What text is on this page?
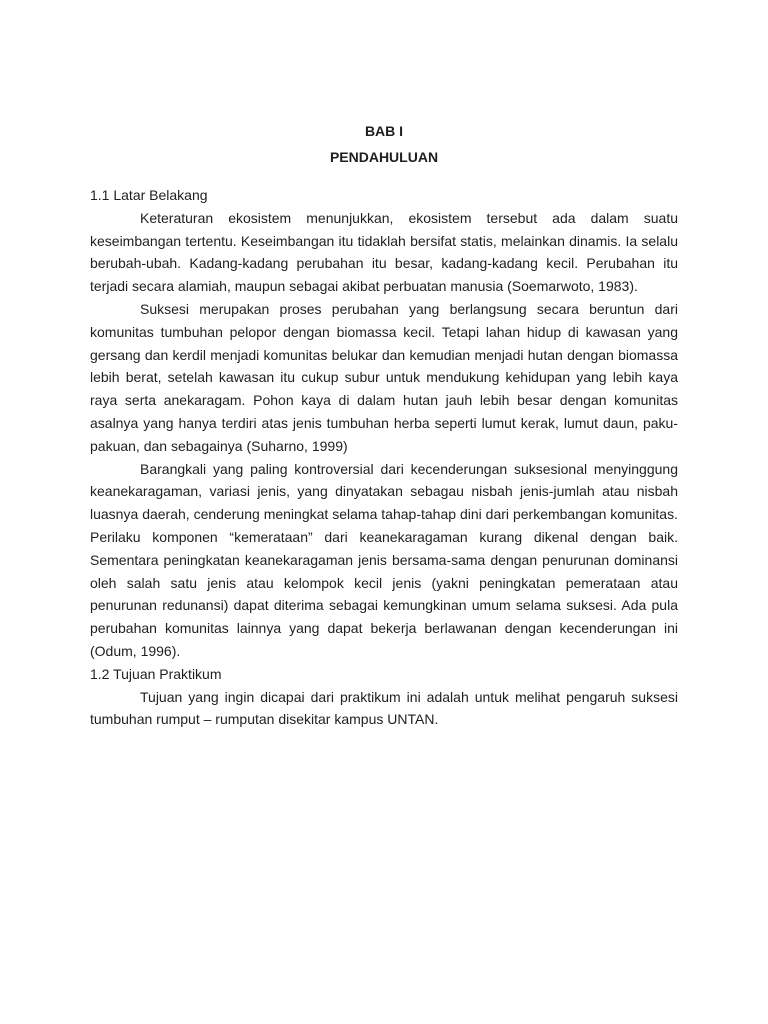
BAB I
PENDAHULUAN
1.1 Latar Belakang

Keteraturan ekosistem menunjukkan, ekosistem tersebut ada dalam suatu keseimbangan tertentu. Keseimbangan itu tidaklah bersifat statis, melainkan dinamis. Ia selalu berubah-ubah. Kadang-kadang perubahan itu besar, kadang-kadang kecil. Perubahan itu terjadi secara alamiah, maupun sebagai akibat perbuatan manusia (Soemarwoto, 1983).

Suksesi merupakan proses perubahan yang berlangsung secara beruntun dari komunitas tumbuhan pelopor dengan biomassa kecil. Tetapi lahan hidup di kawasan yang gersang dan kerdil menjadi komunitas belukar dan kemudian menjadi hutan dengan biomassa lebih berat, setelah kawasan itu cukup subur untuk mendukung kehidupan yang lebih kaya raya serta anekaragam. Pohon kaya di dalam hutan jauh lebih besar dengan komunitas asalnya yang hanya terdiri atas jenis tumbuhan herba seperti lumut kerak, lumut daun, paku-pakuan, dan sebagainya (Suharno, 1999)

Barangkali yang paling kontroversial dari kecenderungan suksesional menyinggung keanekaragaman, variasi jenis, yang dinyatakan sebagau nisbah jenis-jumlah atau nisbah luasnya daerah, cenderung meningkat selama tahap-tahap dini dari perkembangan komunitas. Perilaku komponen “kemerataan” dari keanekaragaman kurang dikenal dengan baik. Sementara peningkatan keanekaragaman jenis bersama-sama dengan penurunan dominansi oleh salah satu jenis atau kelompok kecil jenis (yakni peningkatan pemerataan atau penurunan redunansi) dapat diterima sebagai kemungkinan umum selama suksesi. Ada pula perubahan komunitas lainnya yang dapat bekerja berlawanan dengan kecenderungan ini (Odum, 1996).

1.2 Tujuan Praktikum

Tujuan yang ingin dicapai dari praktikum ini adalah untuk melihat pengaruh suksesi tumbuhan rumput – rumputan disekitar kampus UNTAN.
